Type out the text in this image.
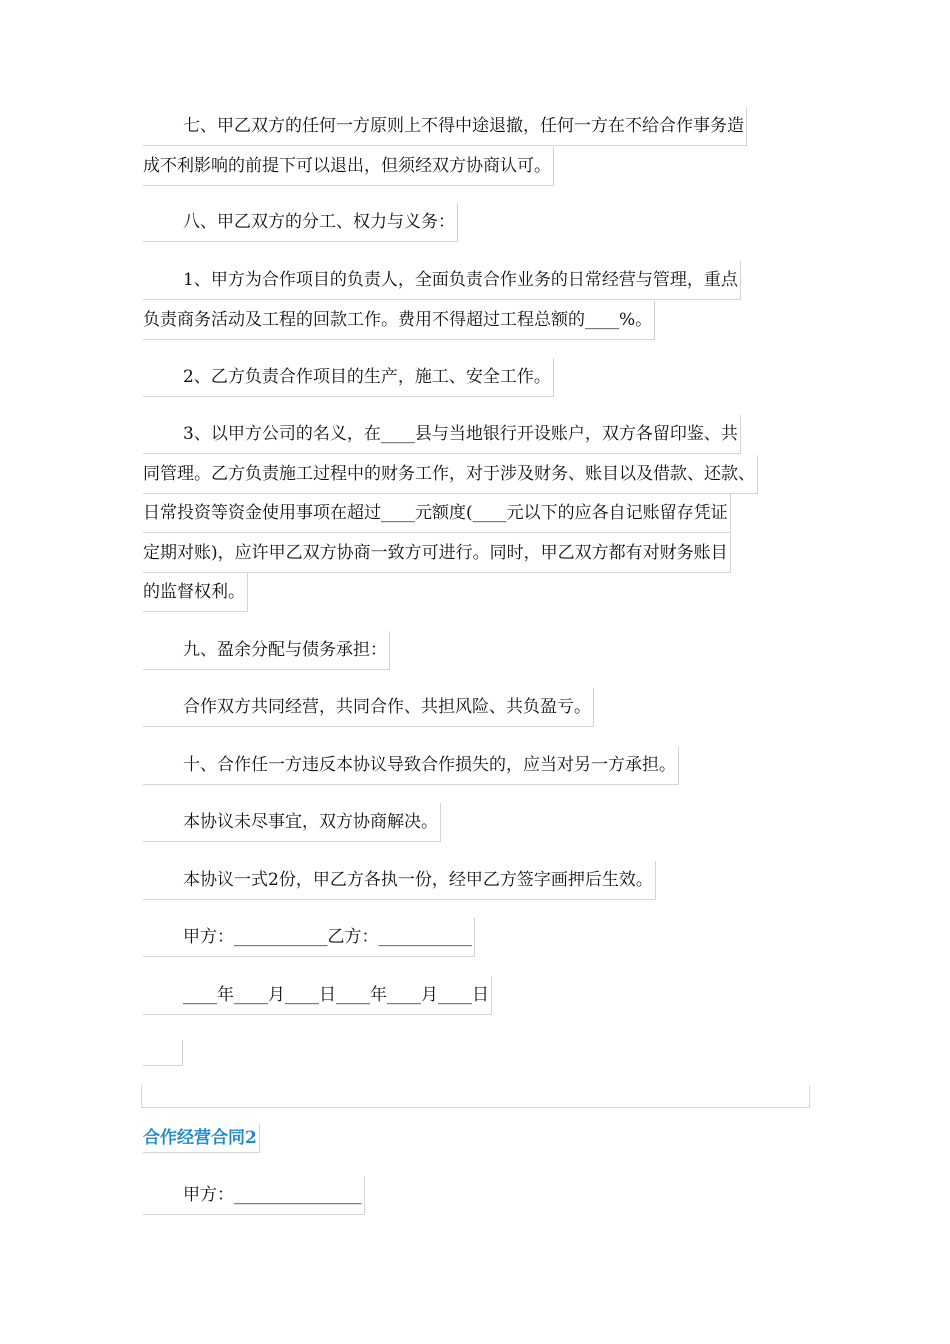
七、甲乙双方的任何一方原则上不得中途退撤，任何一方在不给合作事务造
成不利影响的前提下可以退出，但须经双方协商认可。
八、甲乙双方的分工、权力与义务：
1、甲方为合作项目的负责人，全面负责合作业务的日常经营与管理，重点
负责商务活动及工程的回款工作。费用不得超过工程总额的____%。
2、乙方负责合作项目的生产，施工、安全工作。
3、以甲方公司的名义，在____县与当地银行开设账户，双方各留印鉴、共
同管理。乙方负责施工过程中的财务工作，对于涉及财务、账目以及借款、还款、
日常投资等资金使用事项在超过____元额度(____元以下的应各自记账留存凭证
定期对账)，应许甲乙双方协商一致方可进行。同时，甲乙双方都有对财务账目
的监督权利。
九、盈余分配与债务承担：
合作双方共同经营，共同合作、共担风险、共负盈亏。
十、合作任一方违反本协议导致合作损失的，应当对另一方承担。
本协议未尽事宜，双方协商解决。
本协议一式2份，甲乙方各执一份，经甲乙方签字画押后生效。
甲方：___________乙方：___________
____年____月____日____年____月____日
合作经营合同2
甲方：_______________
